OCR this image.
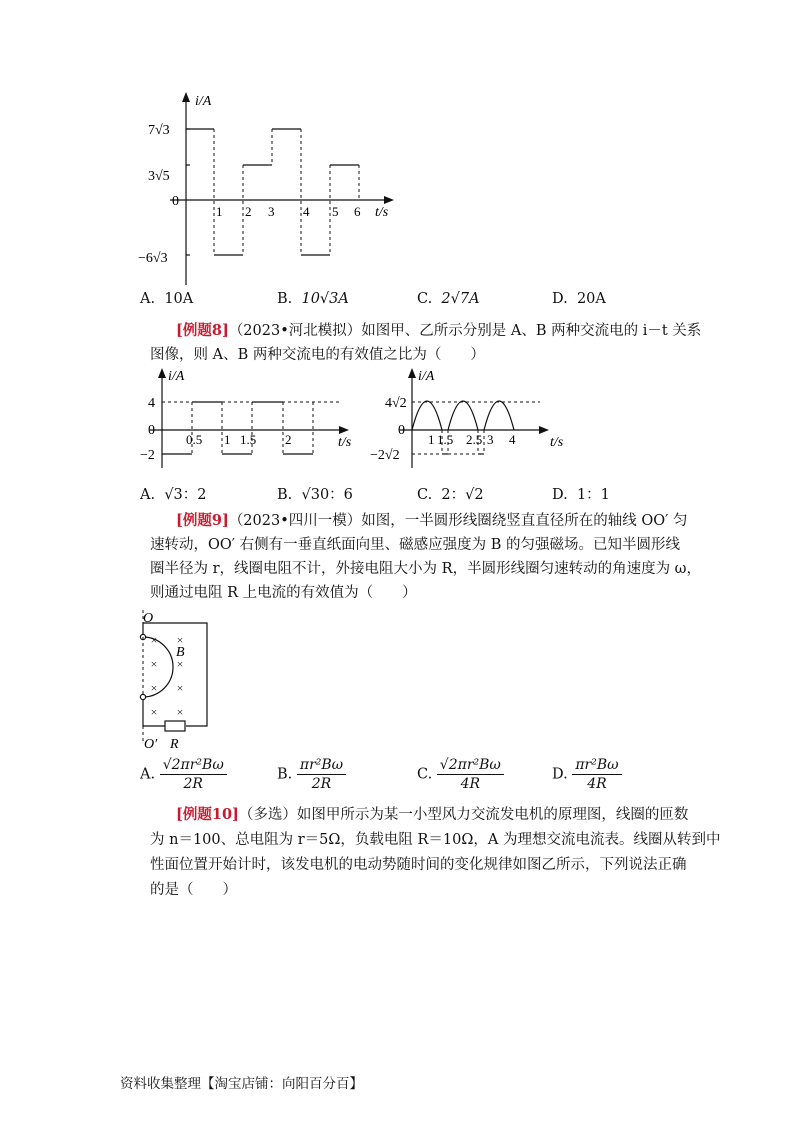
i/A
t/s
7√3
3√5
0
−6√3
1 2 3 4 5 6
A. 10A	B. 10√3A	C. 2√7A	D. 20A
[例题8]（2023•河北模拟）如图甲、乙所示分别是 A、B 两种交流电的 i－t 关系
图像，则 A、B 两种交流电的有效值之比为（　　）
i/A
t/s
4
0
−2
0.5 1 1.5 2
i/A
t/s
4√2
0
−2√2
1 1.5 2.5 3 4
A. √3：2	B. √30：6	C. 2：√2	D. 1：1
[例题9]（2023•四川一模）如图，一半圆形线圈绕竖直直径所在的轴线 OO′ 匀
速转动，OO′ 右侧有一垂直纸面向里、磁感应强度为 B 的匀强磁场。已知半圆形线
圈半径为 r，线圈电阻不计，外接电阻大小为 R，半圆形线圈匀速转动的角速度为 ω，
则通过电阻 R 上电流的有效值为（　　）
× ×
× ×
× ×
× ×
O
B
O′ R
A. $\frac{\text{√2πr²Bω}}{2R}$	B. $\frac{\text{πr²Bω}}{2R}$	C. $\frac{\text{√2πr²Bω}}{4R}$	D. $\frac{\text{πr²Bω}}{4R}$
[例题10]（多选）如图甲所示为某一小型风力交流发电机的原理图，线圈的匝数
为 n＝100、总电阻为 r＝5Ω，负载电阻 R＝10Ω，A 为理想交流电流表。线圈从转到中
性面位置开始计时，该发电机的电动势随时间的变化规律如图乙所示，下列说法正确
的是（　　）
资料收集整理【淘宝店铺：向阳百分百】
